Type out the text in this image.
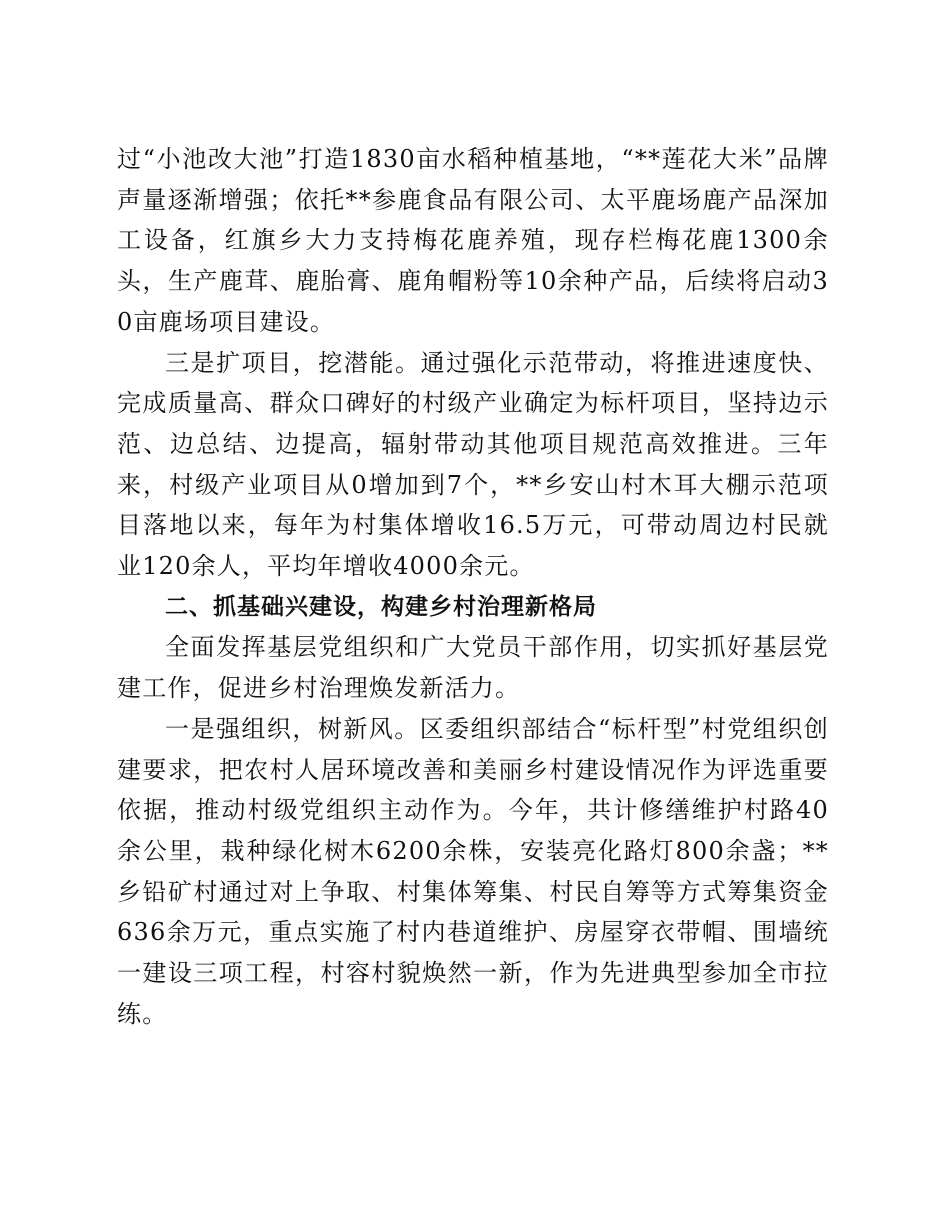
过“小池改大池”打造1830亩水稻种植基地，“**莲花大米”品牌声量逐渐增强；依托**参鹿食品有限公司、太平鹿场鹿产品深加工设备，红旗乡大力支持梅花鹿养殖，现存栏梅花鹿1300余头，生产鹿茸、鹿胎膏、鹿角帽粉等10余种产品，后续将启动30亩鹿场项目建设。

三是扩项目，挖潜能。通过强化示范带动，将推进速度快、完成质量高、群众口碑好的村级产业确定为标杆项目，坚持边示范、边总结、边提高，辐射带动其他项目规范高效推进。三年来，村级产业项目从0增加到7个，**乡安山村木耳大棚示范项目落地以来，每年为村集体增收16.5万元，可带动周边村民就业120余人，平均年增收4000余元。

二、抓基础兴建设，构建乡村治理新格局

全面发挥基层党组织和广大党员干部作用，切实抓好基层党建工作，促进乡村治理焕发新活力。

一是强组织，树新风。区委组织部结合“标杆型”村党组织创建要求，把农村人居环境改善和美丽乡村建设情况作为评选重要依据，推动村级党组织主动作为。今年，共计修缮维护村路40余公里，栽种绿化树木6200余株，安装亮化路灯800余盏；**乡铅矿村通过对上争取、村集体筹集、村民自筹等方式筹集资金636余万元，重点实施了村内巷道维护、房屋穿衣带帽、围墙统一建设三项工程，村容村貌焕然一新，作为先进典型参加全市拉练。
